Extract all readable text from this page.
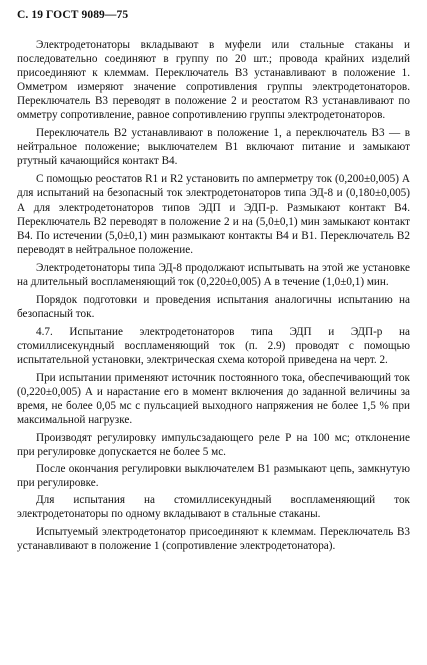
С. 19 ГОСТ 9089—75

Электродетонаторы вкладывают в муфели или стальные стаканы и последовательно соединяют в группу по 20 шт.; провода крайних изделий присоединяют к клеммам. Переключатель В3 устанавливают в положение 1. Омметром измеряют значение сопротивления группы электродетонаторов. Переключатель В3 переводят в положение 2 и реостатом R3 устанавливают по омметру сопротивление, равное сопротивлению группы электродетонаторов.

Переключатель В2 устанавливают в положение 1, а переключатель В3 — в нейтральное положение; выключателем В1 включают питание и замыкают ртутный качающийся контакт В4.

С помощью реостатов R1 и R2 установить по амперметру ток (0,200±0,005) А для испытаний на безопасный ток электродетонаторов типа ЭД-8 и (0,180±0,005) А для электродетонаторов типов ЭДП и ЭДП-р. Размыкают контакт В4. Переключатель В2 переводят в положение 2 и на (5,0±0,1) мин замыкают контакт В4. По истечении (5,0±0,1) мин размыкают контакты В4 и В1. Переключатель В2 переводят в нейтральное положение.

Электродетонаторы типа ЭД-8 продолжают испытывать на этой же установке на длительный воспламеняющий ток (0,220±0,005) А в течение (1,0±0,1) мин.

Порядок подготовки и проведения испытания аналогичны испытанию на безопасный ток.

4.7. Испытание электродетонаторов типа ЭДП и ЭДП-р на стомиллисекундный воспламеняющий ток (п. 2.9) проводят с помощью испытательной установки, электрическая схема которой приведена на черт. 2.

При испытании применяют источник постоянного тока, обеспечивающий ток (0,220±0,005) А и нарастание его в момент включения до заданной величины за время, не более 0,05 мс с пульсацией выходного напряжения не более 1,5 % при максимальной нагрузке.

Производят регулировку импульсзадающего реле Р на 100 мс; отклонение при регулировке допускается не более 5 мс.

После окончания регулировки выключателем В1 размыкают цепь, замкнутую при регулировке.

Для испытания на стомиллисекундный воспламеняющий ток электродетонаторы по одному вкладывают в стальные стаканы.

Испытуемый электродетонатор присоединяют к клеммам. Переключатель В3 устанавливают в положение 1 (сопротивление электродетонатора).
